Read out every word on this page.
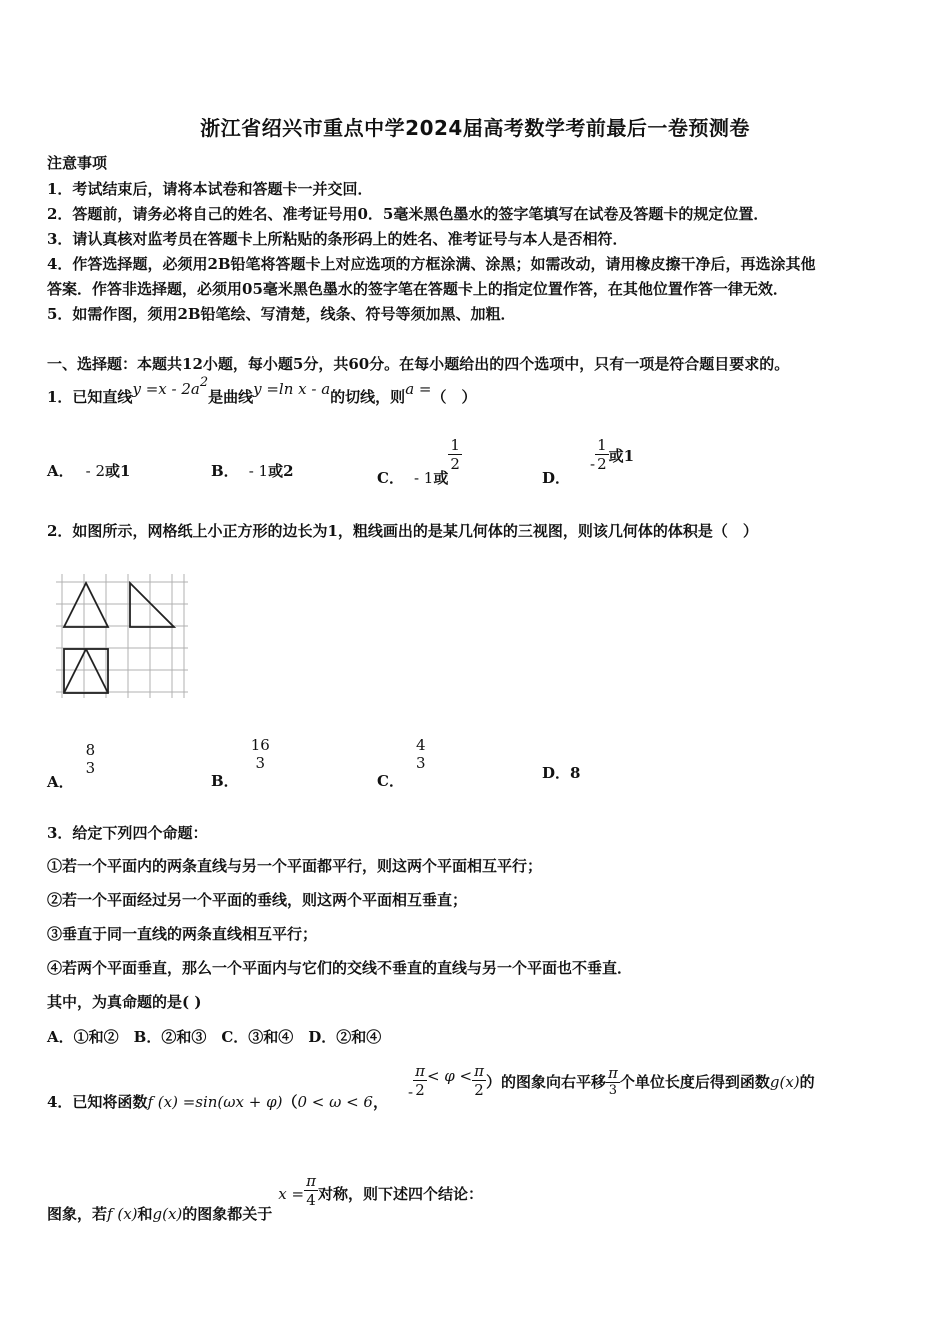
浙江省绍兴市重点中学2024届高考数学考前最后一卷预测卷
注意事项
1．考试结束后，请将本试卷和答题卡一并交回．
2．答题前，请务必将自己的姓名、准考证号用0．5毫米黑色墨水的签字笔填写在试卷及答题卡的规定位置．
3．请认真核对监考员在答题卡上所粘贴的条形码上的姓名、准考证号与本人是否相符．
4．作答选择题，必须用2B铅笔将答题卡上对应选项的方框涂满、涂黑；如需改动，请用橡皮擦干净后，再选涂其他
答案．作答非选择题，必须用05毫米黑色墨水的签字笔在答题卡上的指定位置作答，在其他位置作答一律无效．
5．如需作图，须用2B铅笔绘、写清楚，线条、符号等须加黑、加粗．
一、选择题：本题共12小题，每小题5分，共60分。在每小题给出的四个选项中，只有一项是符合题目要求的。
1．已知直线y =x - 2a2是曲线y =ln x - a的切线，则a =（　）
A． - 2或1	B． - 1或2	C． - 1或
$\frac{1}{2}$
D．- $\frac{1}{2}$ 或1
2．如图所示，网格纸上小正方形的边长为1，粗线画出的是某几何体的三视图，则该几何体的体积是（　）
A．
8
3
B．
16
3
C．
4
3
D．8
3．给定下列四个命题：
①若一个平面内的两条直线与另一个平面都平行，则这两个平面相互平行；
②若一个平面经过另一个平面的垂线，则这两个平面相互垂直；
③垂直于同一直线的两条直线相互平行；
④若两个平面垂直，那么一个平面内与它们的交线不垂直的直线与另一个平面也不垂直．
其中，为真命题的是( )
A．①和②　B．②和③　C．③和④　D．②和④
4．已知将函数f (x) =sin(ωx + φ)（0 < ω < 6，- $\frac{\pi}{2} < \varphi < \frac{\pi}{2}$ ）的图象向右平移 $\frac{\pi}{3}$ 个单位长度后得到函数g(x)的
图象，若f (x)和g(x)的图象都关于$x = \frac{\pi}{4}$ 对称，则下述四个结论：
